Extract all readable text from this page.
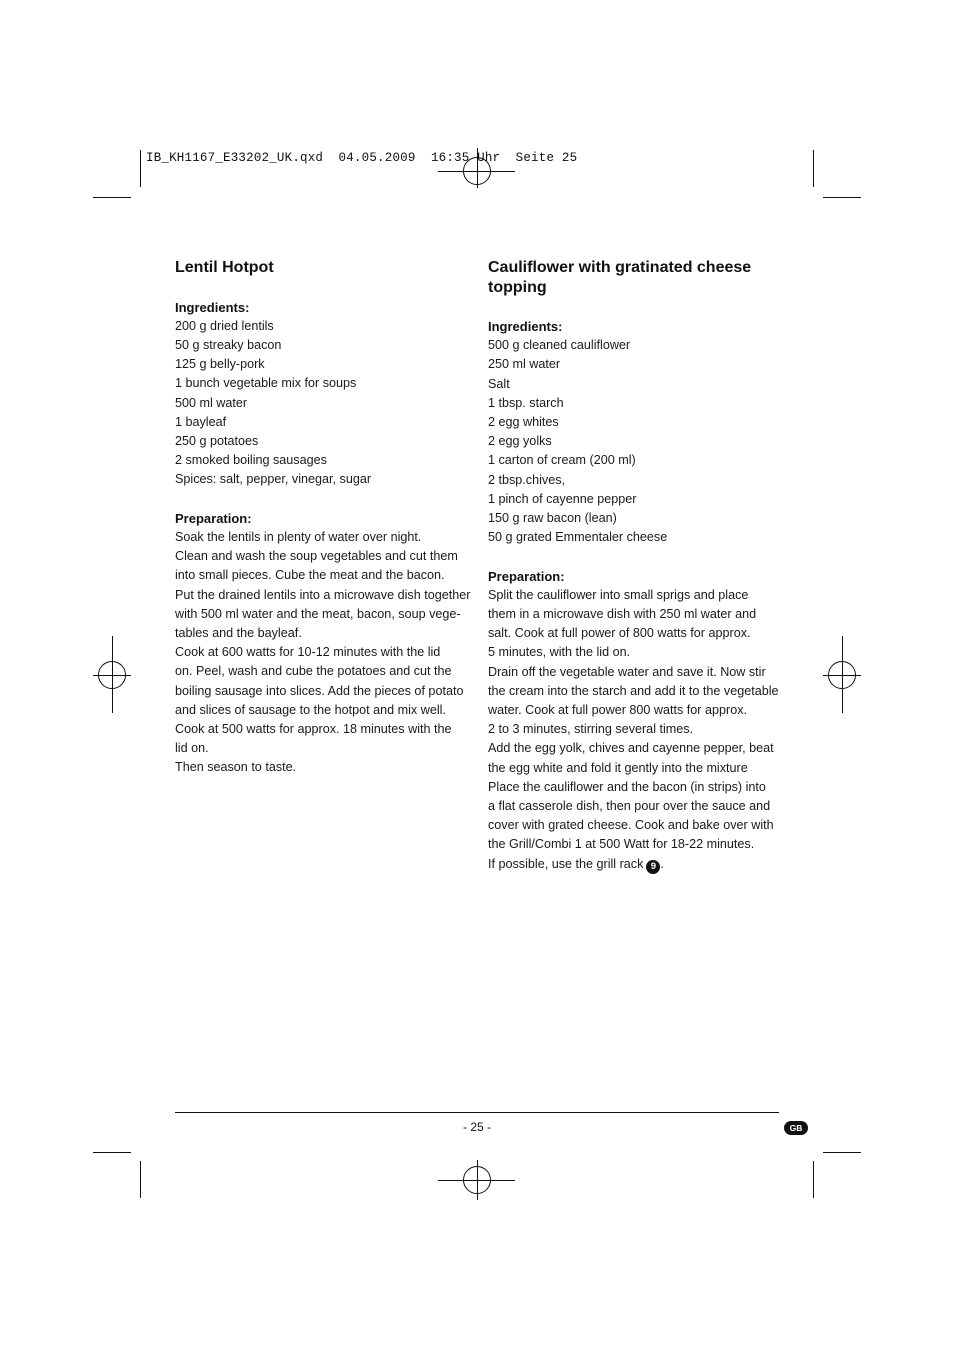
IB_KH1167_E33202_UK.qxd  04.05.2009  16:35 Uhr  Seite 25
Lentil Hotpot

Ingredients:

200 g dried lentils

50 g streaky bacon

125 g belly-pork

1 bunch vegetable mix for soups

500 ml water

1 bayleaf

250 g potatoes

2 smoked boiling sausages

Spices: salt, pepper, vinegar, sugar

Preparation:

Soak the lentils in plenty of water over night.

Clean and wash the soup vegetables and cut them

into small pieces. Cube the meat and the bacon.

Put the drained lentils into a microwave dish together

with 500 ml water and the meat, bacon, soup vege-

tables and the bayleaf.

Cook at 600 watts for 10-12 minutes with the lid

on. Peel, wash and cube the potatoes and cut the

boiling sausage into slices. Add the pieces of potato

and slices of sausage to the hotpot and mix well.

Cook at 500 watts for approx. 18 minutes with the

lid on.

Then season to taste.

Cauliflower with gratinated cheese
topping

Ingredients:

500 g cleaned cauliflower

250 ml water

Salt

1 tbsp. starch

2 egg whites

2 egg yolks

1 carton of cream (200 ml)

2 tbsp.chives,

1 pinch of cayenne pepper

150 g raw bacon (lean)

50 g grated Emmentaler cheese

Preparation:

Split the cauliflower into small sprigs and place

them in a microwave dish with 250 ml water and

salt. Cook at full power of 800 watts for approx.

5 minutes, with the lid on.

Drain off the vegetable water and save it. Now stir

the cream into the starch and add it to the vegetable

water. Cook at full power 800 watts for approx.

2 to 3 minutes, stirring several times.

Add the egg yolk, chives and cayenne pepper, beat

the egg white and fold it gently into the mixture

Place the cauliflower and the bacon (in strips) into

a flat casserole dish, then pour over the sauce and

cover with grated cheese. Cook and bake over with

the Grill/Combi 1 at 500 Watt for 18-22 minutes.

If possible, use the grill rack 9 .

- 25 -	GB
